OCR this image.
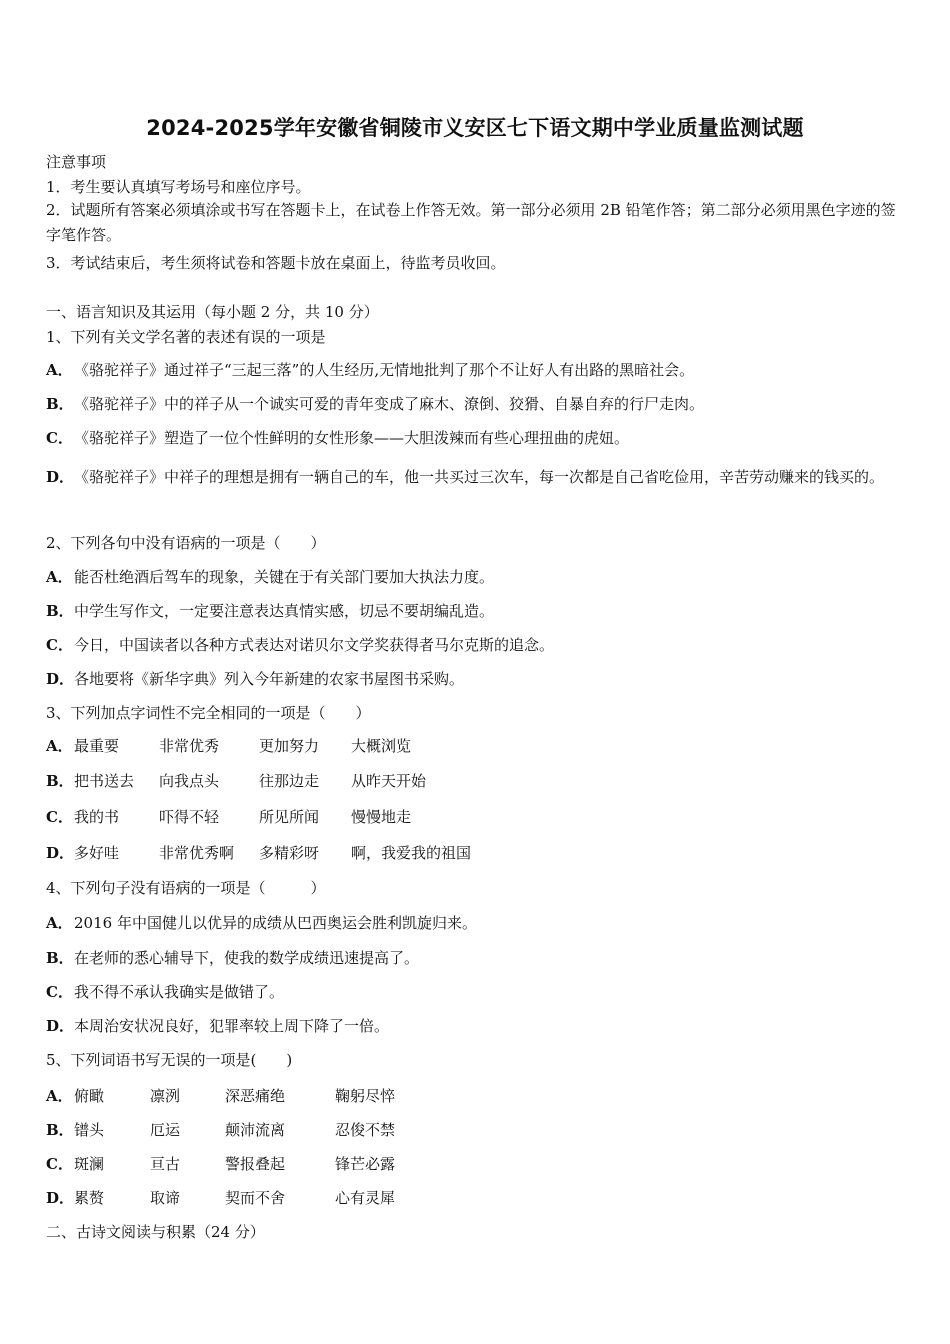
2024-2025学年安徽省铜陵市义安区七下语文期中学业质量监测试题
注意事项
1．考生要认真填写考场号和座位序号。
2．试题所有答案必须填涂或书写在答题卡上，在试卷上作答无效。第一部分必须用 2B 铅笔作答；第二部分必须用黑色字迹的签字笔作答。
3．考试结束后，考生须将试卷和答题卡放在桌面上，待监考员收回。
一、语言知识及其运用（每小题 2 分，共 10 分）
1、下列有关文学名著的表述有误的一项是
A．《骆驼祥子》通过祥子“三起三落”的人生经历,无情地批判了那个不让好人有出路的黑暗社会。
B．《骆驼祥子》中的祥子从一个诚实可爱的青年变成了麻木、潦倒、狡猾、自暴自弃的行尸走肉。
C．《骆驼祥子》塑造了一位个性鲜明的女性形象——大胆泼辣而有些心理扭曲的虎妞。
D．《骆驼祥子》中祥子的理想是拥有一辆自己的车，他一共买过三次车，每一次都是自己省吃俭用，辛苦劳动赚来的钱买的。
2、下列各句中没有语病的一项是（　　）
A．能否杜绝酒后驾车的现象，关键在于有关部门要加大执法力度。
B．中学生写作文，一定要注意表达真情实感，切忌不要胡编乱造。
C．今日，中国读者以各种方式表达对诺贝尔文学奖获得者马尔克斯的追念。
D．各地要将《新华字典》列入今年新建的农家书屋图书采购。
3、下列加点字词性不完全相同的一项是（　　）
A．最重要	非常优秀	更加努力 大概浏览
B．把书送去 向我点头	往那边走 从昨天开始
C．我的书	吓得不轻	所见所闻 慢慢地走
D．多好哇	非常优秀啊 多精彩呀 啊，我爱我的祖国
4、下列句子没有语病的一项是（　　　）
A．2016 年中国健儿以优异的成绩从巴西奥运会胜利凯旋归来。
B．在老师的悉心辅导下，使我的数学成绩迅速提高了。
C．我不得不承认我确实是做错了。
D．本周治安状况良好，犯罪率较上周下降了一倍。
5、下列词语书写无误的一项是(　　)
A．俯瞰	凛洌	深恶痛绝	鞠躬尽悴
B．镨头	厄运	颠沛流离	忍俊不禁
C．斑澜	亘古	警报叠起	锋芒必露
D．累赘	取谛	契而不舍	心有灵犀
二、古诗文阅读与积累（24 分）
